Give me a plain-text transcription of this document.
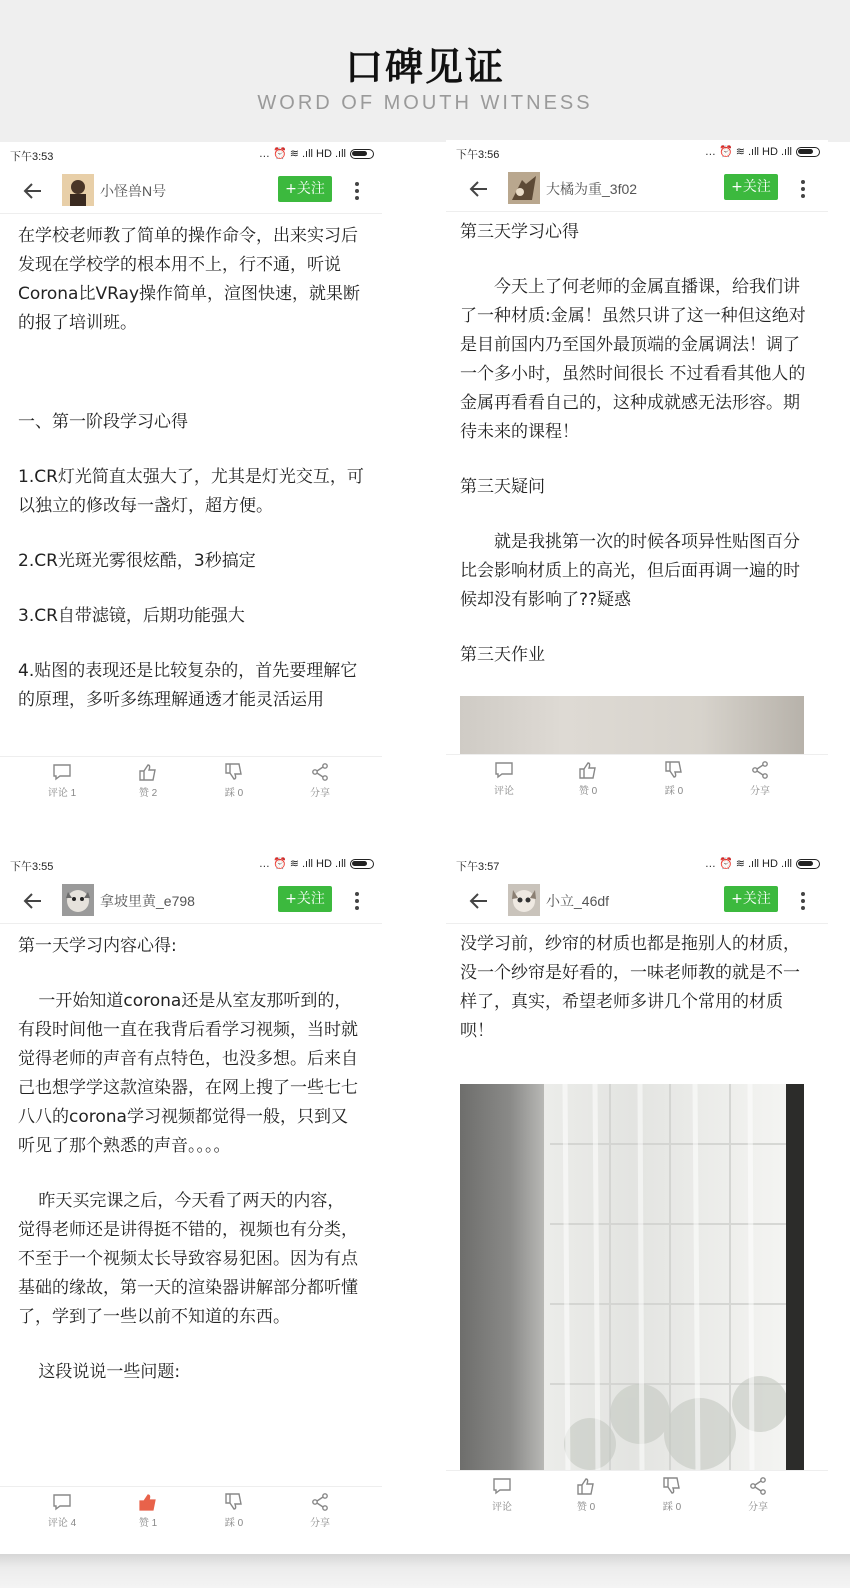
口碑见证
WORD OF MOUTH WITNESS
下午3:53	… ⏰ ≋ .ıll HD .ıll
小怪兽N号	+关注

在学校老师教了简单的操作命令，出来实习后发现在学校学的根本用不上，行不通，听说Corona比VRay操作简单，渲图快速，就果断的报了培训班。

一、第一阶段学习心得

1.CR灯光简直太强大了，尤其是灯光交互，可以独立的修改每一盏灯，超方便。

2.CR光斑光雾很炫酷，3秒搞定

3.CR自带滤镜，后期功能强大

4.贴图的表现还是比较复杂的，首先要理解它的原理，多听多练理解通透才能灵活运用

评论 1	赞 2	踩 0	分享
下午3:56	… ⏰ ≋ .ıll HD .ıll
大橘为重_3f02	+关注

第三天学习心得

今天上了何老师的金属直播课，给我们讲了一种材质:金属！虽然只讲了这一种但这绝对是目前国内乃至国外最顶端的金属调法！调了一个多小时，虽然时间很长 不过看看其他人的金属再看看自己的，这种成就感无法形容。期待未来的课程！

第三天疑问

就是我挑第一次的时候各项异性贴图百分比会影响材质上的高光，但后面再调一遍的时候却没有影响了??疑惑

第三天作业

评论	赞 0	踩 0	分享
下午3:55	… ⏰ ≋ .ıll HD .ıll
拿坡里黄_e798	+关注

第一天学习内容心得:

一开始知道corona还是从室友那听到的，有段时间他一直在我背后看学习视频，当时就觉得老师的声音有点特色，也没多想。后来自己也想学学这款渲染器，在网上搜了一些七七八八的corona学习视频都觉得一般，只到又听见了那个熟悉的声音。。。。

昨天买完课之后，今天看了两天的内容，觉得老师还是讲得挺不错的，视频也有分类，不至于一个视频太长导致容易犯困。因为有点基础的缘故，第一天的渲染器讲解部分都听懂了，学到了一些以前不知道的东西。

这段说说一些问题:

评论 4	赞 1	踩 0	分享
下午3:57	… ⏰ ≋ .ıll HD .ıll
小立_46df	+关注

没学习前，纱帘的材质也都是拖别人的材质，没一个纱帘是好看的，一味老师教的就是不一样了，真实，希望老师多讲几个常用的材质呗！

评论	赞 0	踩 0	分享
